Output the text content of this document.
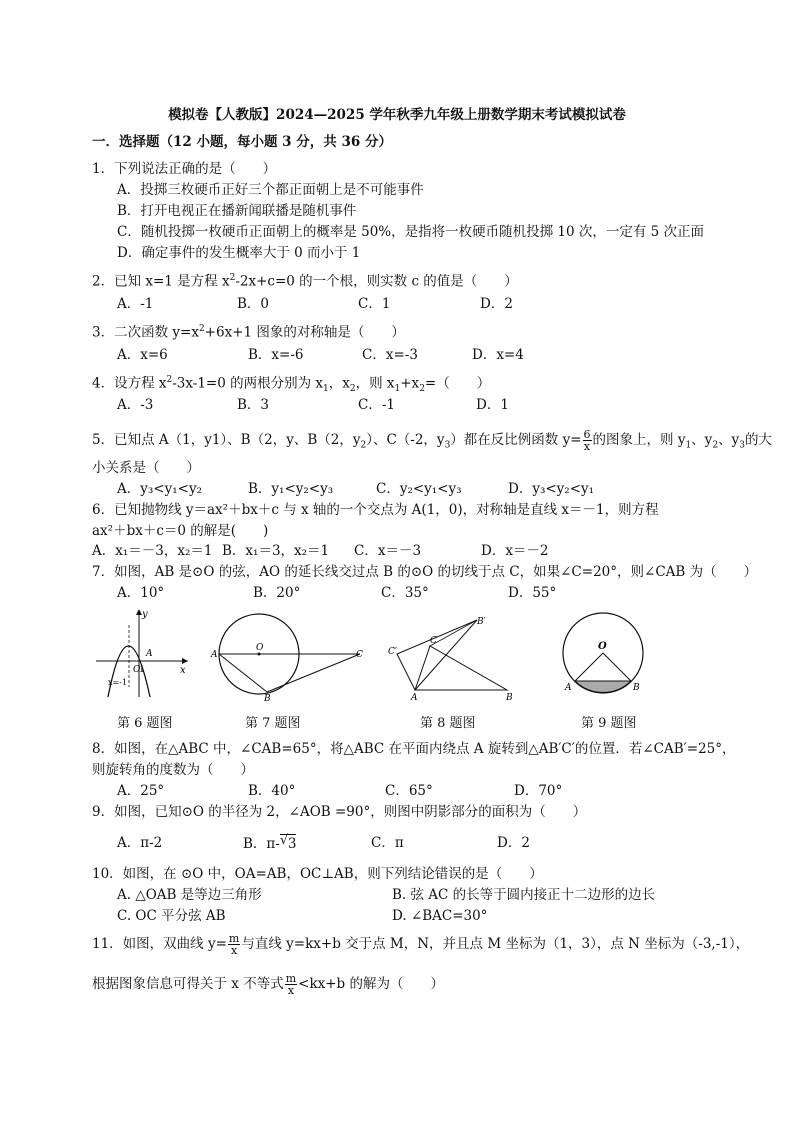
模拟卷【人教版】2024—2025 学年秋季九年级上册数学期末考试模拟试卷
一．选择题（12 小题，每小题 3 分，共 36 分）
1．下列说法正确的是（　　）
A．投掷三枚硬币正好三个都正面朝上是不可能事件
B．打开电视正在播新闻联播是随机事件
C．随机投掷一枚硬币正面朝上的概率是 50%，是指将一枚硬币随机投掷 10 次，一定有 5 次正面
D．确定事件的发生概率大于 0 而小于 1
2．已知 x=1 是方程 $x^2-2x+c=0$ 的一个根，则实数 c 的值是（　　）
A．-1	B．0	C．1	D．2
3．二次函数 $y=x^2+6x+1$ 图象的对称轴是（　　）
A．x=6	B．x=-6	C．x=-3	D．x=4
4．设方程 $x^2-3x-1=0$ 的两根分别为 $x_1$，$x_2$，则 $x_1+x_2=$（　　）
A．-3	B．3	C．-1	D．1
5．已知点 A（1，y1）、B（2，y、B（2，$y_2$）、C（-2，$y_3$）都在反比例函数 $y= \frac{6}{x}$ 的图象上，则 $y_1$、$y_2$、$y_3$的大
小关系是（　　）
A．y₃<y₁<y₂	B．y₁<y₂<y₃	C．y₂<y₁<y₃	D．y₃<y₂<y₁
6．已知抛物线 y＝ax²＋bx＋c 与 x 轴的一个交点为 A(1，0)，对称轴是直线 x＝－1，则方程
ax²＋bx＋c＝0 的解是(　　)
A．x₁＝－3，x₂＝1 B．x₁＝3，x₂＝1 C．x＝－3	D．x＝－2
7．如图，AB 是⊙O 的弦，AO 的延长线交过点 B 的⊙O 的切线于点 C，如果∠C=20°，则∠CAB 为（　　）
A．10°	B．20°	C．35°	D．55°
y
x
O
A
1
x=-1
O
A
B
C
A	B
C
C′
B′
O
A	B
第 6 题图	第 7 题图	第 8 题图	第 9 题图
8．如图，在△ABC 中，∠CAB=65°，将△ABC 在平面内绕点 A 旋转到△AB′C′的位置．若∠CAB′=25°，
则旋转角的度数为（　　）
A．25°	B．40°	C．65°	D．70°
9．如图，已知⊙O 的半径为 2，∠AOB =90°，则图中阴影部分的面积为（　　）
A．π-2	B．π- √ 3	C．π	D．2
10．如图，在 ⊙O 中，OA=AB，OC⊥AB，则下列结论错误的是（　　）
A. △OAB 是等边三角形	B. 弦 AC 的长等于圆内接正十二边形的边长
C. OC 平分弦 AB	D. ∠BAC=30°
11．如图，双曲线 $y= \frac{m}{x}$ 与直线 y=kx+b 交于点 M，N，并且点 M 坐标为（1，3），点 N 坐标为（-3,-1），
根据图象信息可得关于 x 不等式 $\frac{m}{x} <kx+b$ 的解为（　　）
